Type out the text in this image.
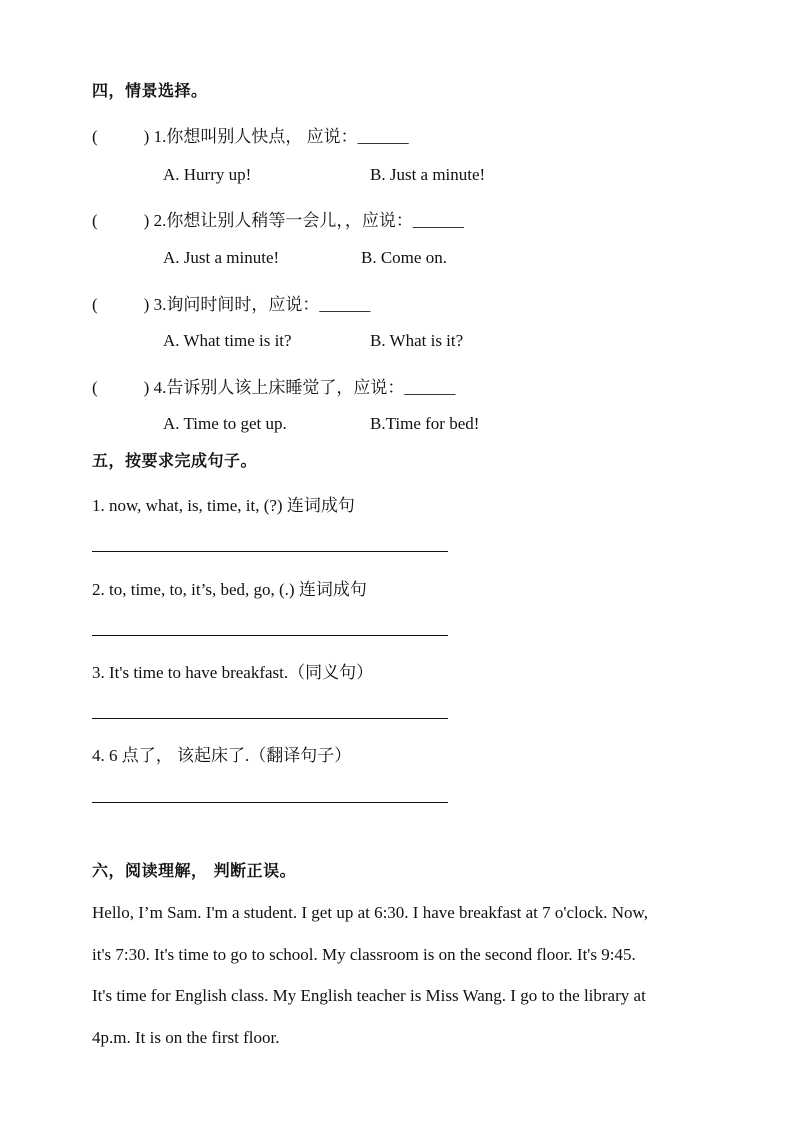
四，情景选择。
(	) 1.你想叫别人快点， 应说：______
A. Hurry up!	B. Just a minute!
(	) 2.你想让别人稍等一会儿，，应说：______
A. Just a minute!	B. Come on.
(	) 3.询问时间时，应说：______
A. What time is it?	B. What is it?
(	) 4.告诉别人该上床睡觉了，应说：______
A. Time to get up.	B.Time for bed!
五，按要求完成句子。
1. now, what, is, time, it, (?) 连词成句
2. to, time, to, it’s, bed, go, (.) 连词成句
3. It's time to have breakfast.（同义句）
4. 6 点了， 该起床了.（翻译句子）
六，阅读理解， 判断正误。

Hello, I’m Sam. I'm a student. I get up at 6:30. I have breakfast at 7 o'clock. Now,

it's 7:30. It's time to go to school. My classroom is on the second floor. It's 9:45.

It's time for English class. My English teacher is Miss Wang. I go to the library at

4p.m. It is on the first floor.
